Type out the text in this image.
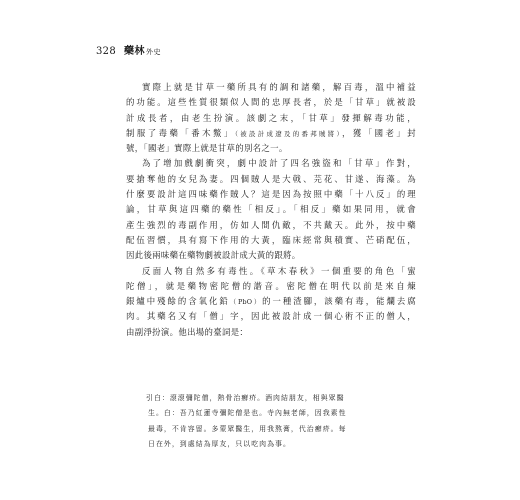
328 藥林外史
實際上就是甘草一藥所具有的調和諸藥，解百毒，溫中補益
的功能。這些性質很類似人間的忠厚長者，於是「甘草」就被設
計成長者，由老生扮演。該劇之末，「甘草」發揮解毒功能，
制服了毒藥「番木鱉」（被設計成遼及的番邦賊將），獲「國老」封
號，「國老」實際上就是甘草的別名之一。
為了增加戲劇衝突，劇中設計了四名強盜和「甘草」作對，
要搶奪他的女兒為妻。四個賊人是大戟、芫花、甘遂、海藻。為
什麼要設計這四味藥作賊人？這是因為按照中藥「十八反」的理
論，甘草與這四藥的藥性「相反」。「相反」藥如果同用，就會
產生強烈的毒副作用，仿如人間仇敵，不共戴天。此外，按中藥
配伍習慣，具有寫下作用的大黃，臨床經常與積實、芒硝配伍，
因此後兩味藥在藥物劇被設計成大黃的跟將。
反面人物自然多有毒性。《草木春秋》一個重要的角色「蜜
陀僧」，就是藥物密陀僧的諧音。密陀僧在明代以前是來自煉
銀爐中殘餘的含氧化鉛（PbO）的一種渣腳，該藥有毒，能爛去腐
肉。其藥名又有「僧」字，因此被設計成一個心術不正的僧人，
由副淨扮演。他出場的臺詞是：
引白：滾滾彌陀僧，熱骨治癬疥。酒肉結朋友，相與眾醫
生。白：吾乃紅蓮寺彌陀僧是也。寺內無老師，因我素性
最毒，不肯容留。多蒙眾醫生，用我熬膏，代治癬疥。每
日在外，到處結為厚友，只以吃肉為事。
